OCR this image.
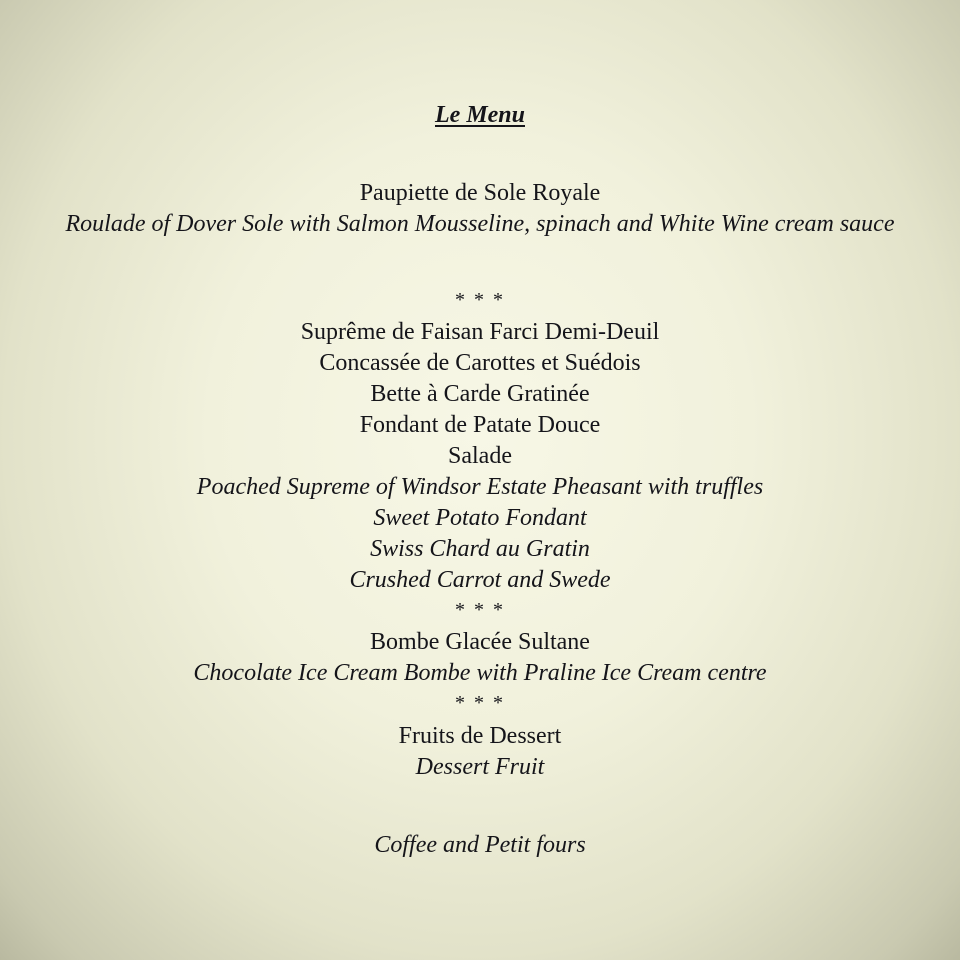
Le Menu
Paupiette de Sole Royale
Roulade of Dover Sole with Salmon Mousseline, spinach and White Wine cream sauce
* * *
Suprême de Faisan Farci Demi-Deuil
Concassée de Carottes et Suédois
Bette à Carde Gratinée
Fondant de Patate Douce
Salade
Poached Supreme of Windsor Estate Pheasant with truffles
Sweet Potato Fondant
Swiss Chard au Gratin
Crushed Carrot and Swede
* * *
Bombe Glacée Sultane
Chocolate Ice Cream Bombe with Praline Ice Cream centre
* * *
Fruits de Dessert
Dessert Fruit
Coffee and Petit fours
